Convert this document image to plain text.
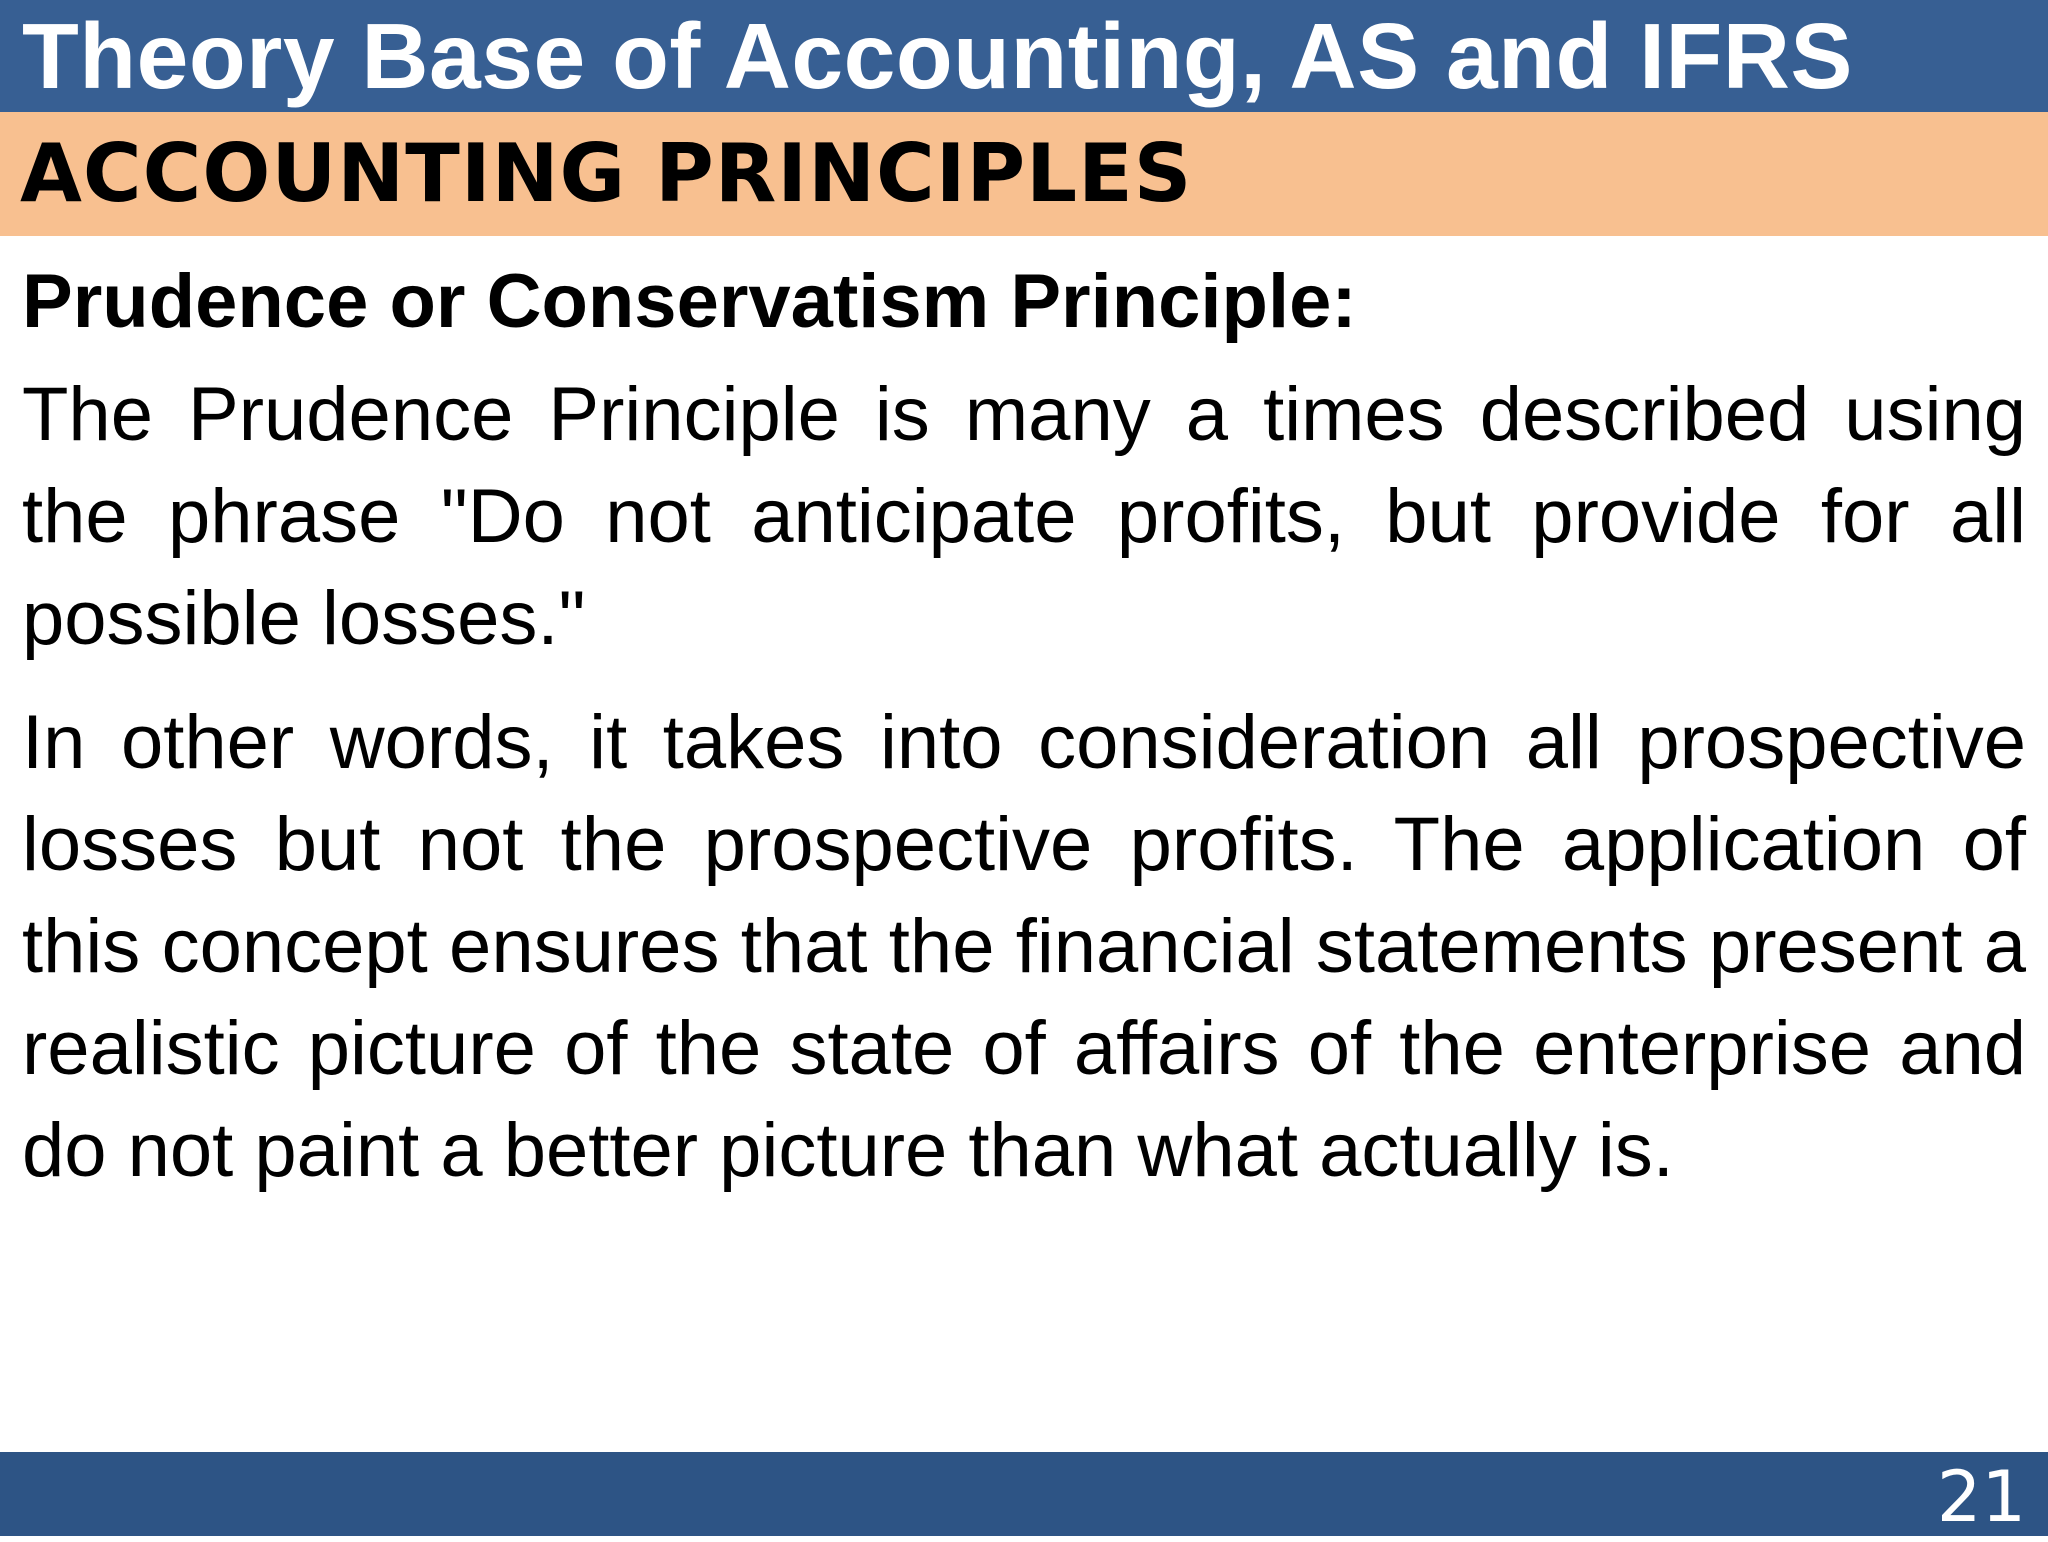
Theory Base of Accounting, AS and IFRS
ACCOUNTING PRINCIPLES

Prudence or Conservatism Principle:

The Prudence Principle is many a times described using the phrase "Do not anticipate profits, but provide for all possible losses."

In other words, it takes into consideration all prospective losses but not the prospective profits. The application of this concept ensures that the financial statements present a realistic picture of the state of affairs of the enterprise and do not paint a better picture than what actually is.

21
